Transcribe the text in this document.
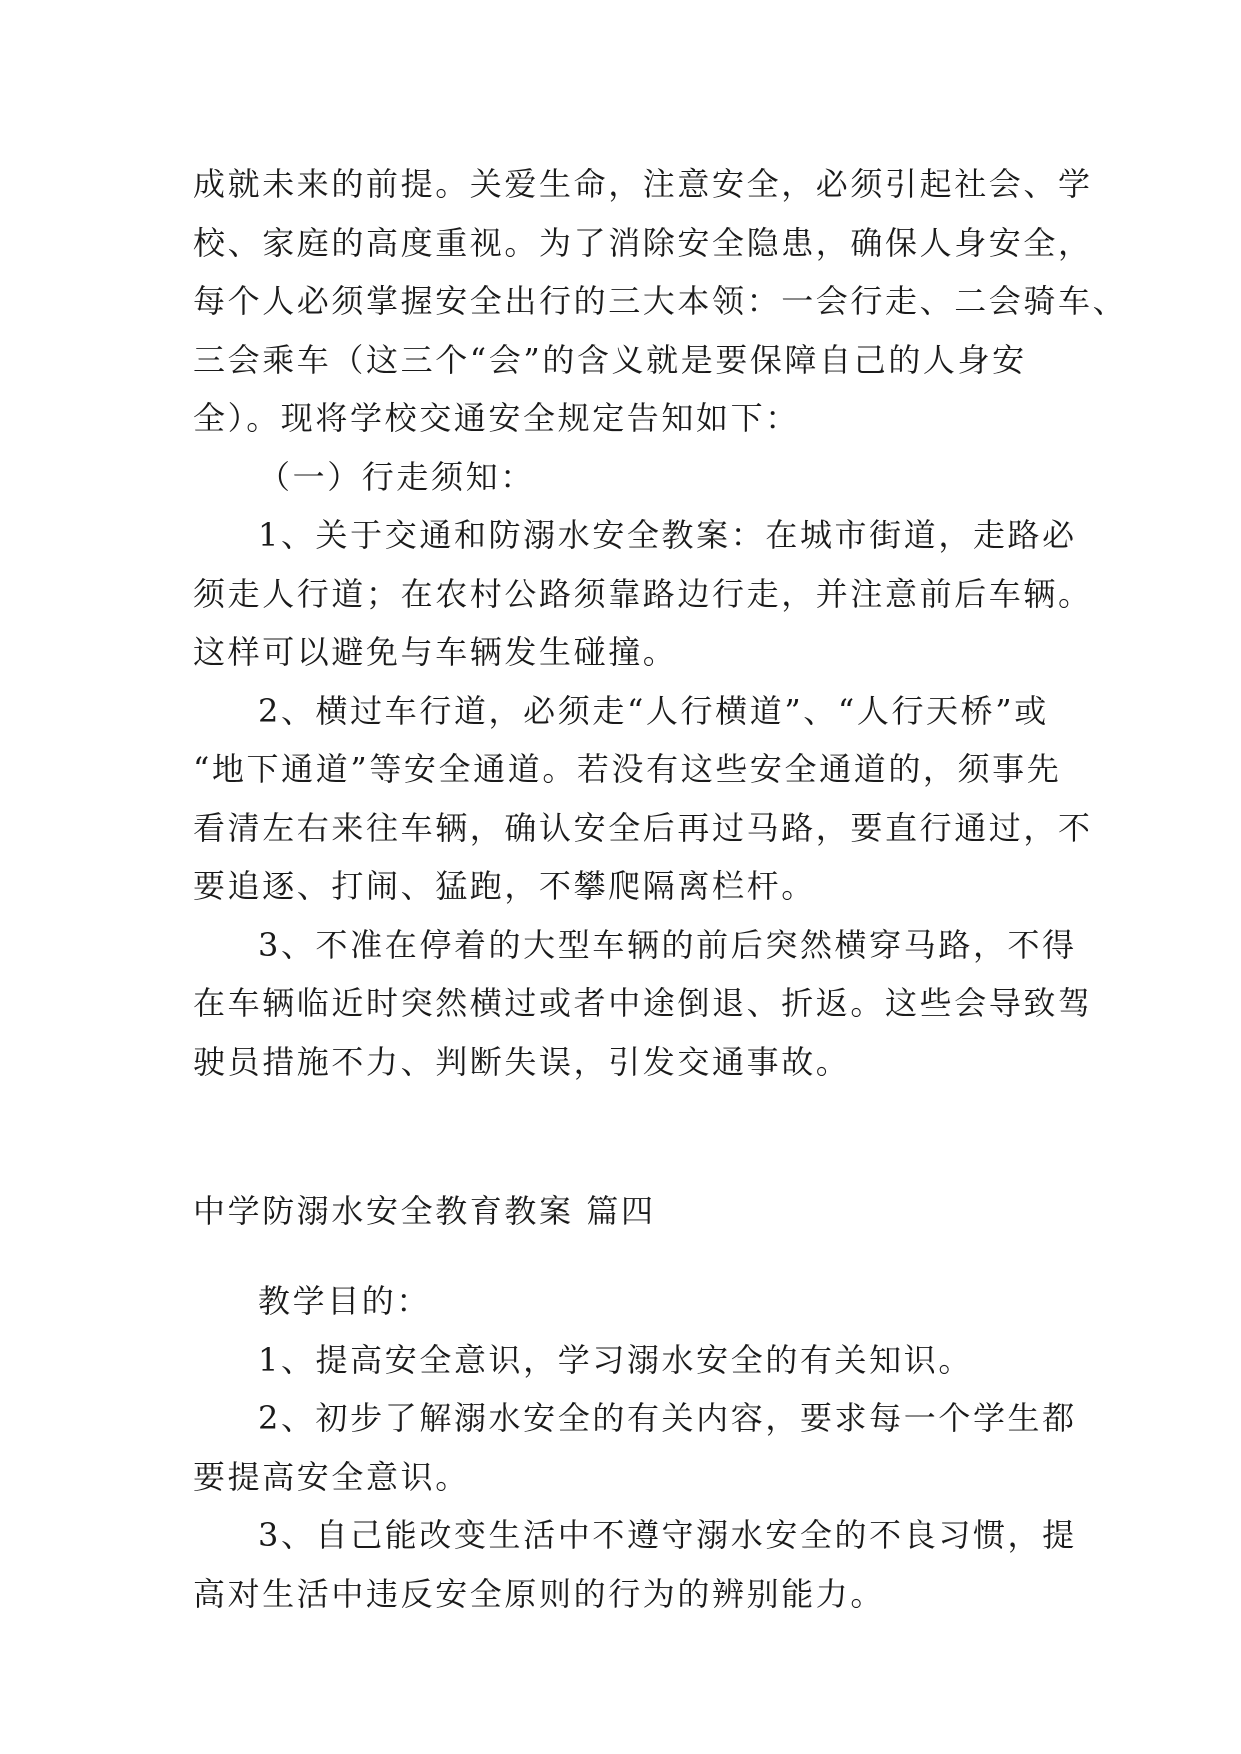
成就未来的前提。关爱生命，注意安全，必须引起社会、学

校、家庭的高度重视。为了消除安全隐患，确保人身安全，

每个人必须掌握安全出行的三大本领：一会行走、二会骑车、

三会乘车（这三个“会”的含义就是要保障自己的人身安

全）。现将学校交通安全规定告知如下：

（一）行走须知：

1、关于交通和防溺水安全教案：在城市街道，走路必

须走人行道；在农村公路须靠路边行走，并注意前后车辆。

这样可以避免与车辆发生碰撞。

2、横过车行道，必须走“人行横道”、“人行天桥”或

“地下通道”等安全通道。若没有这些安全通道的，须事先

看清左右来往车辆，确认安全后再过马路，要直行通过，不

要追逐、打闹、猛跑，不攀爬隔离栏杆。

3、不准在停着的大型车辆的前后突然横穿马路，不得

在车辆临近时突然横过或者中途倒退、折返。这些会导致驾

驶员措施不力、判断失误，引发交通事故。

中学防溺水安全教育教案 篇四

教学目的：

1、提高安全意识，学习溺水安全的有关知识。

2、初步了解溺水安全的有关内容，要求每一个学生都

要提高安全意识。

3、自己能改变生活中不遵守溺水安全的不良习惯，提

高对生活中违反安全原则的行为的辨别能力。
